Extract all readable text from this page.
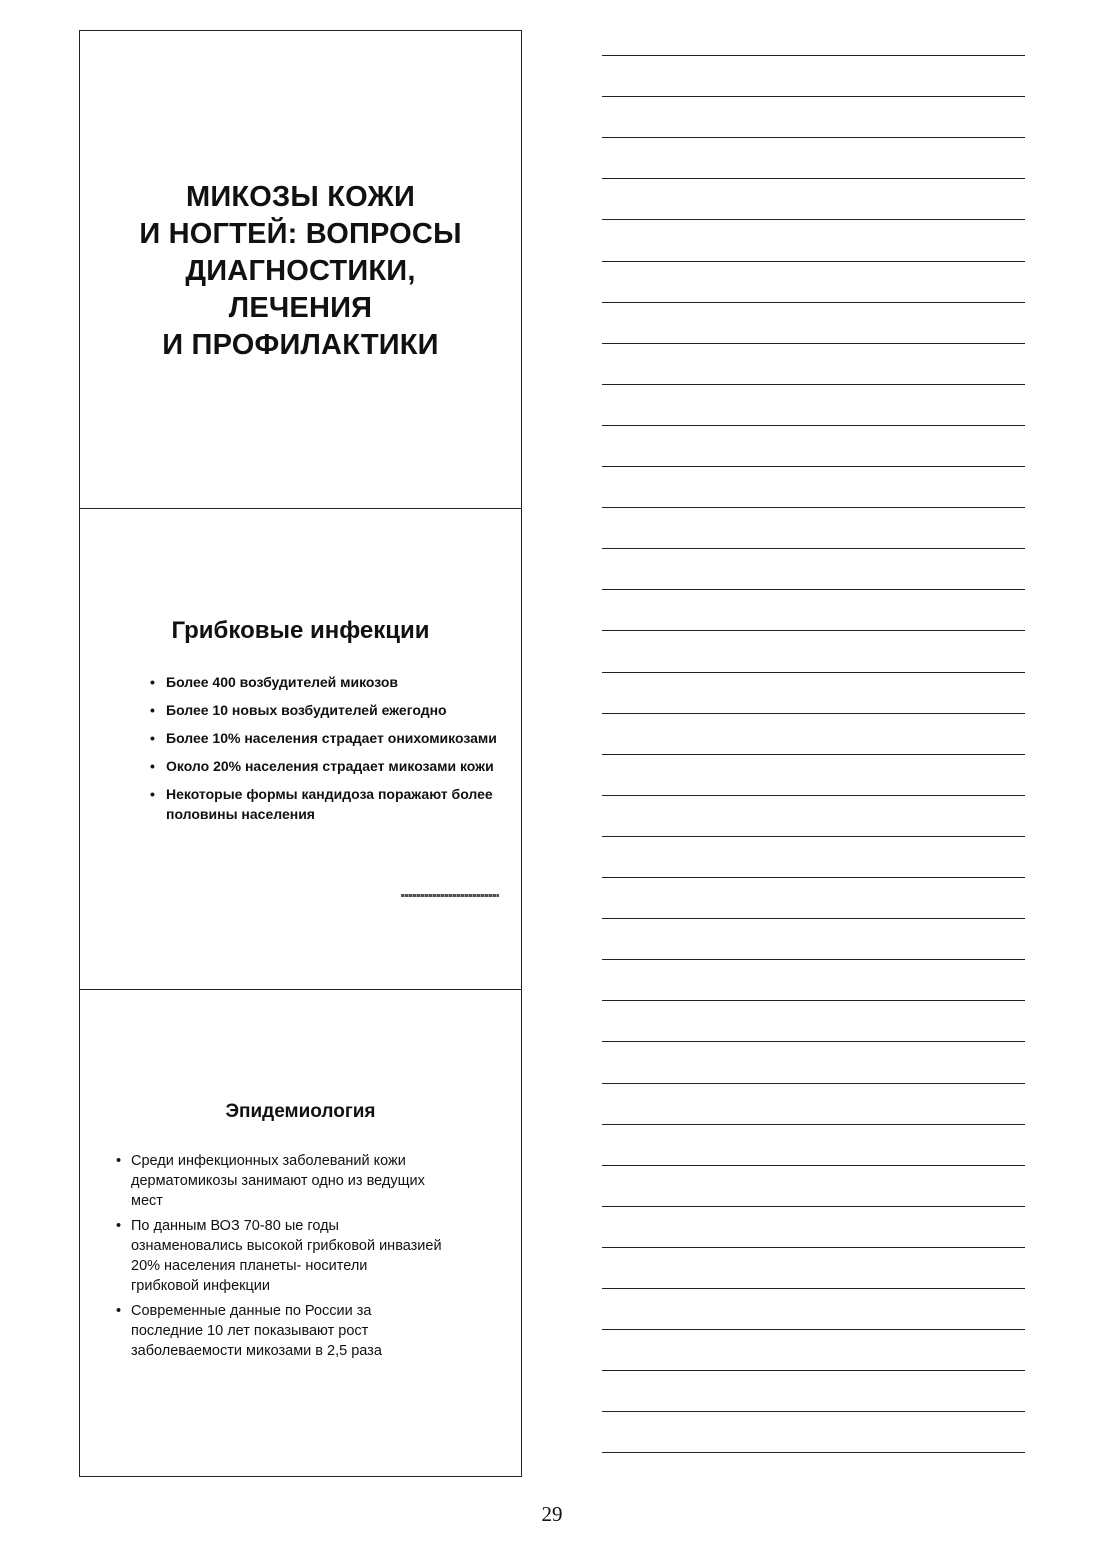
МИКОЗЫ КОЖИ
И НОГТЕЙ: ВОПРОСЫ
ДИАГНОСТИКИ,
ЛЕЧЕНИЯ
И ПРОФИЛАКТИКИ
Грибковые инфекции
• Более 400 возбудителей микозов
• Более 10 новых возбудителей ежегодно
• Более 10% населения страдает онихомикозами
• Около 20% населения страдает микозами кожи
• Некоторые формы кандидоза поражают более половины населения
Эпидемиология
• Среди инфекционных заболеваний кожи
дерматомикозы занимают одно из ведущих
мест
• По данным ВОЗ 70-80 ые годы
ознаменовались высокой грибковой инвазией
20% населения планеты- носители
грибковой инфекции
• Современные данные по России за
последние 10 лет показывают рост
заболеваемости микозами в 2,5 раза
29
